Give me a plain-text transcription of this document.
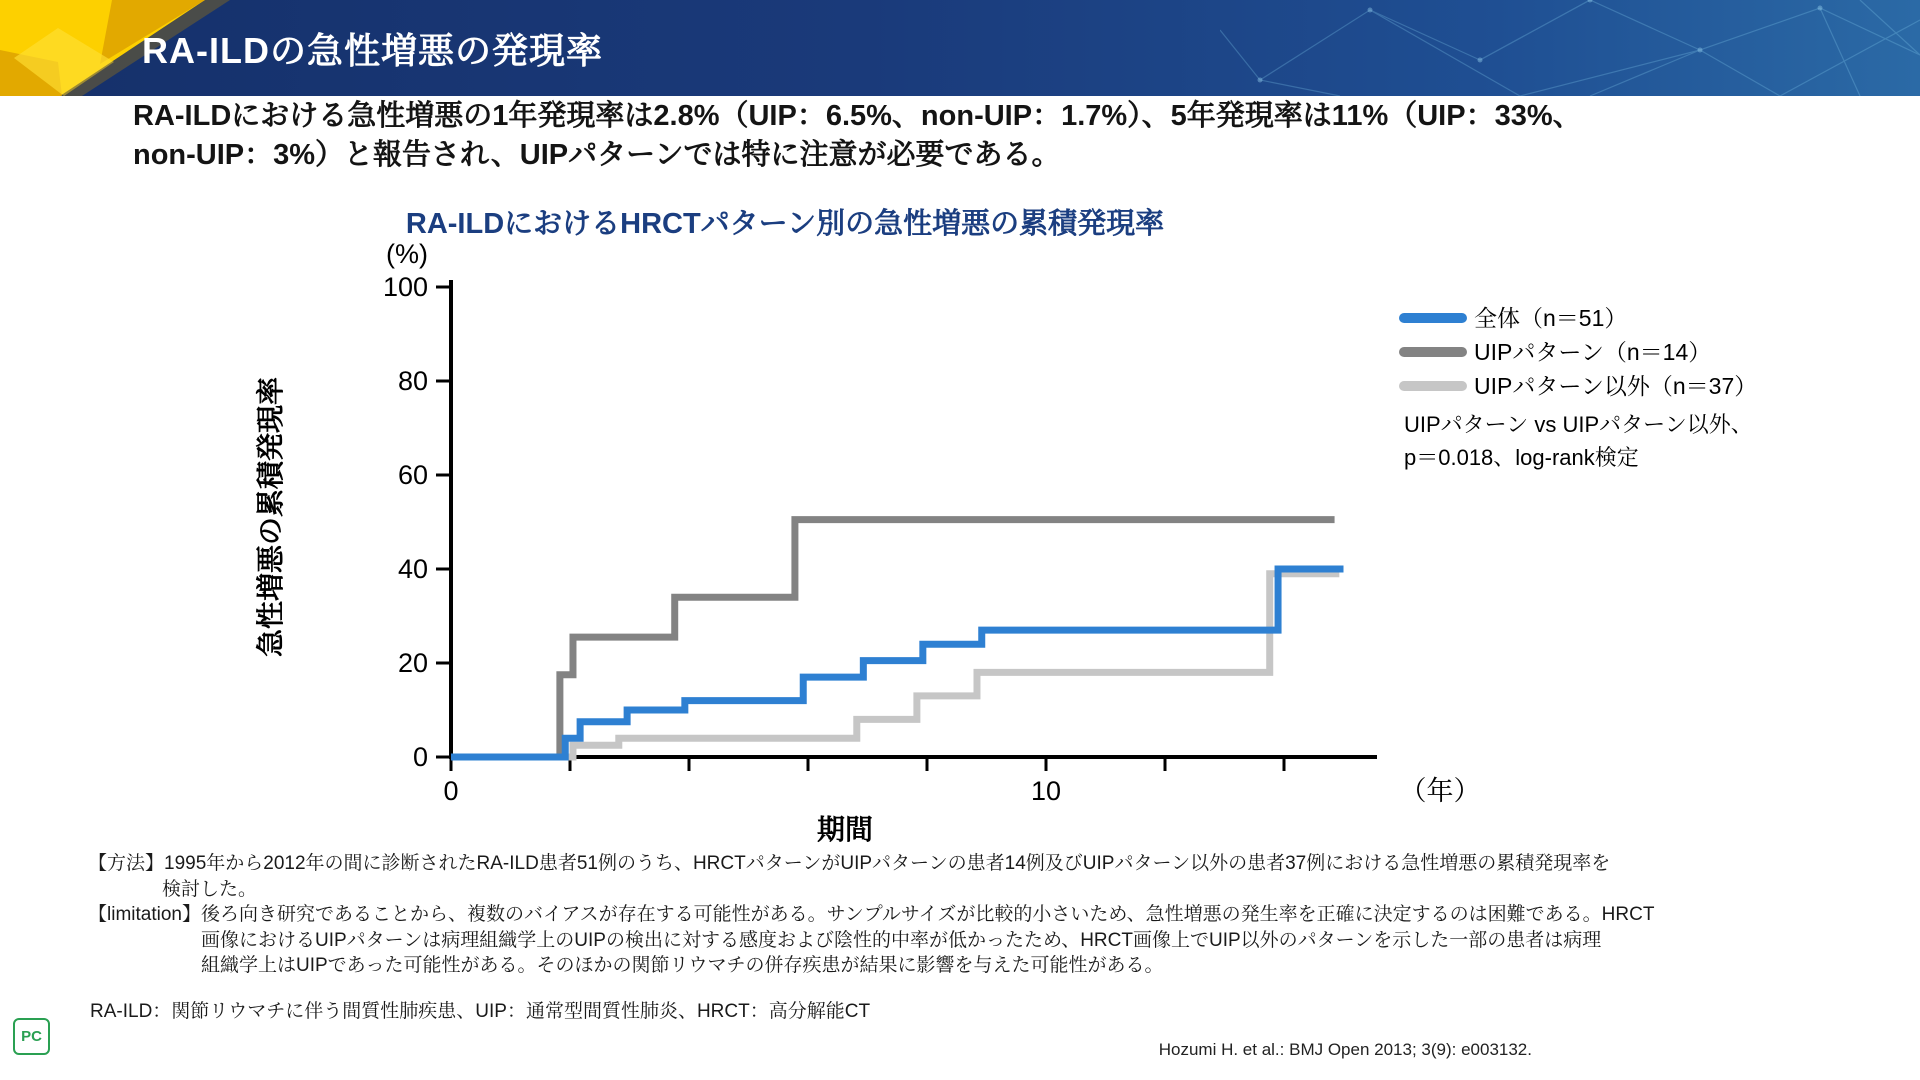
RA-ILDの急性増悪の発現率
RA-ILDにおける急性増悪の1年発現率は2.8%（UIP：6.5%、non-UIP：1.7%）、5年発現率は11%（UIP：33%、
non-UIP：3%）と報告され、UIPパターンでは特に注意が必要である。
RA-ILDにおけるHRCTパターン別の急性増悪の累積発現率
0
20
40
60
80
100
0	10
(%)
（年）
期間
急性増悪の累積発現率
全体（n＝51）
UIPパターン（n＝14）
UIPパターン以外（n＝37）
UIPパターン vs UIPパターン以外、
p＝0.018、log-rank検定
【方法】1995年から2012年の間に診断されたRA-ILD患者51例のうち、HRCTパターンがUIPパターンの患者14例及びUIPパターン以外の患者37例における急性増悪の累積発現率を
検討した。
【limitation】後ろ向き研究であることから、複数のバイアスが存在する可能性がある。サンプルサイズが比較的小さいため、急性増悪の発生率を正確に決定するのは困難である。HRCT
画像におけるUIPパターンは病理組織学上のUIPの検出に対する感度および陰性的中率が低かったため、HRCT画像上でUIP以外のパターンを示した一部の患者は病理
組織学上はUIPであった可能性がある。そのほかの関節リウマチの併存疾患が結果に影響を与えた可能性がある。
RA-ILD：関節リウマチに伴う間質性肺疾患、UIP：通常型間質性肺炎、HRCT：高分解能CT
Hozumi H. et al.: BMJ Open 2013; 3(9): e003132.
PC
